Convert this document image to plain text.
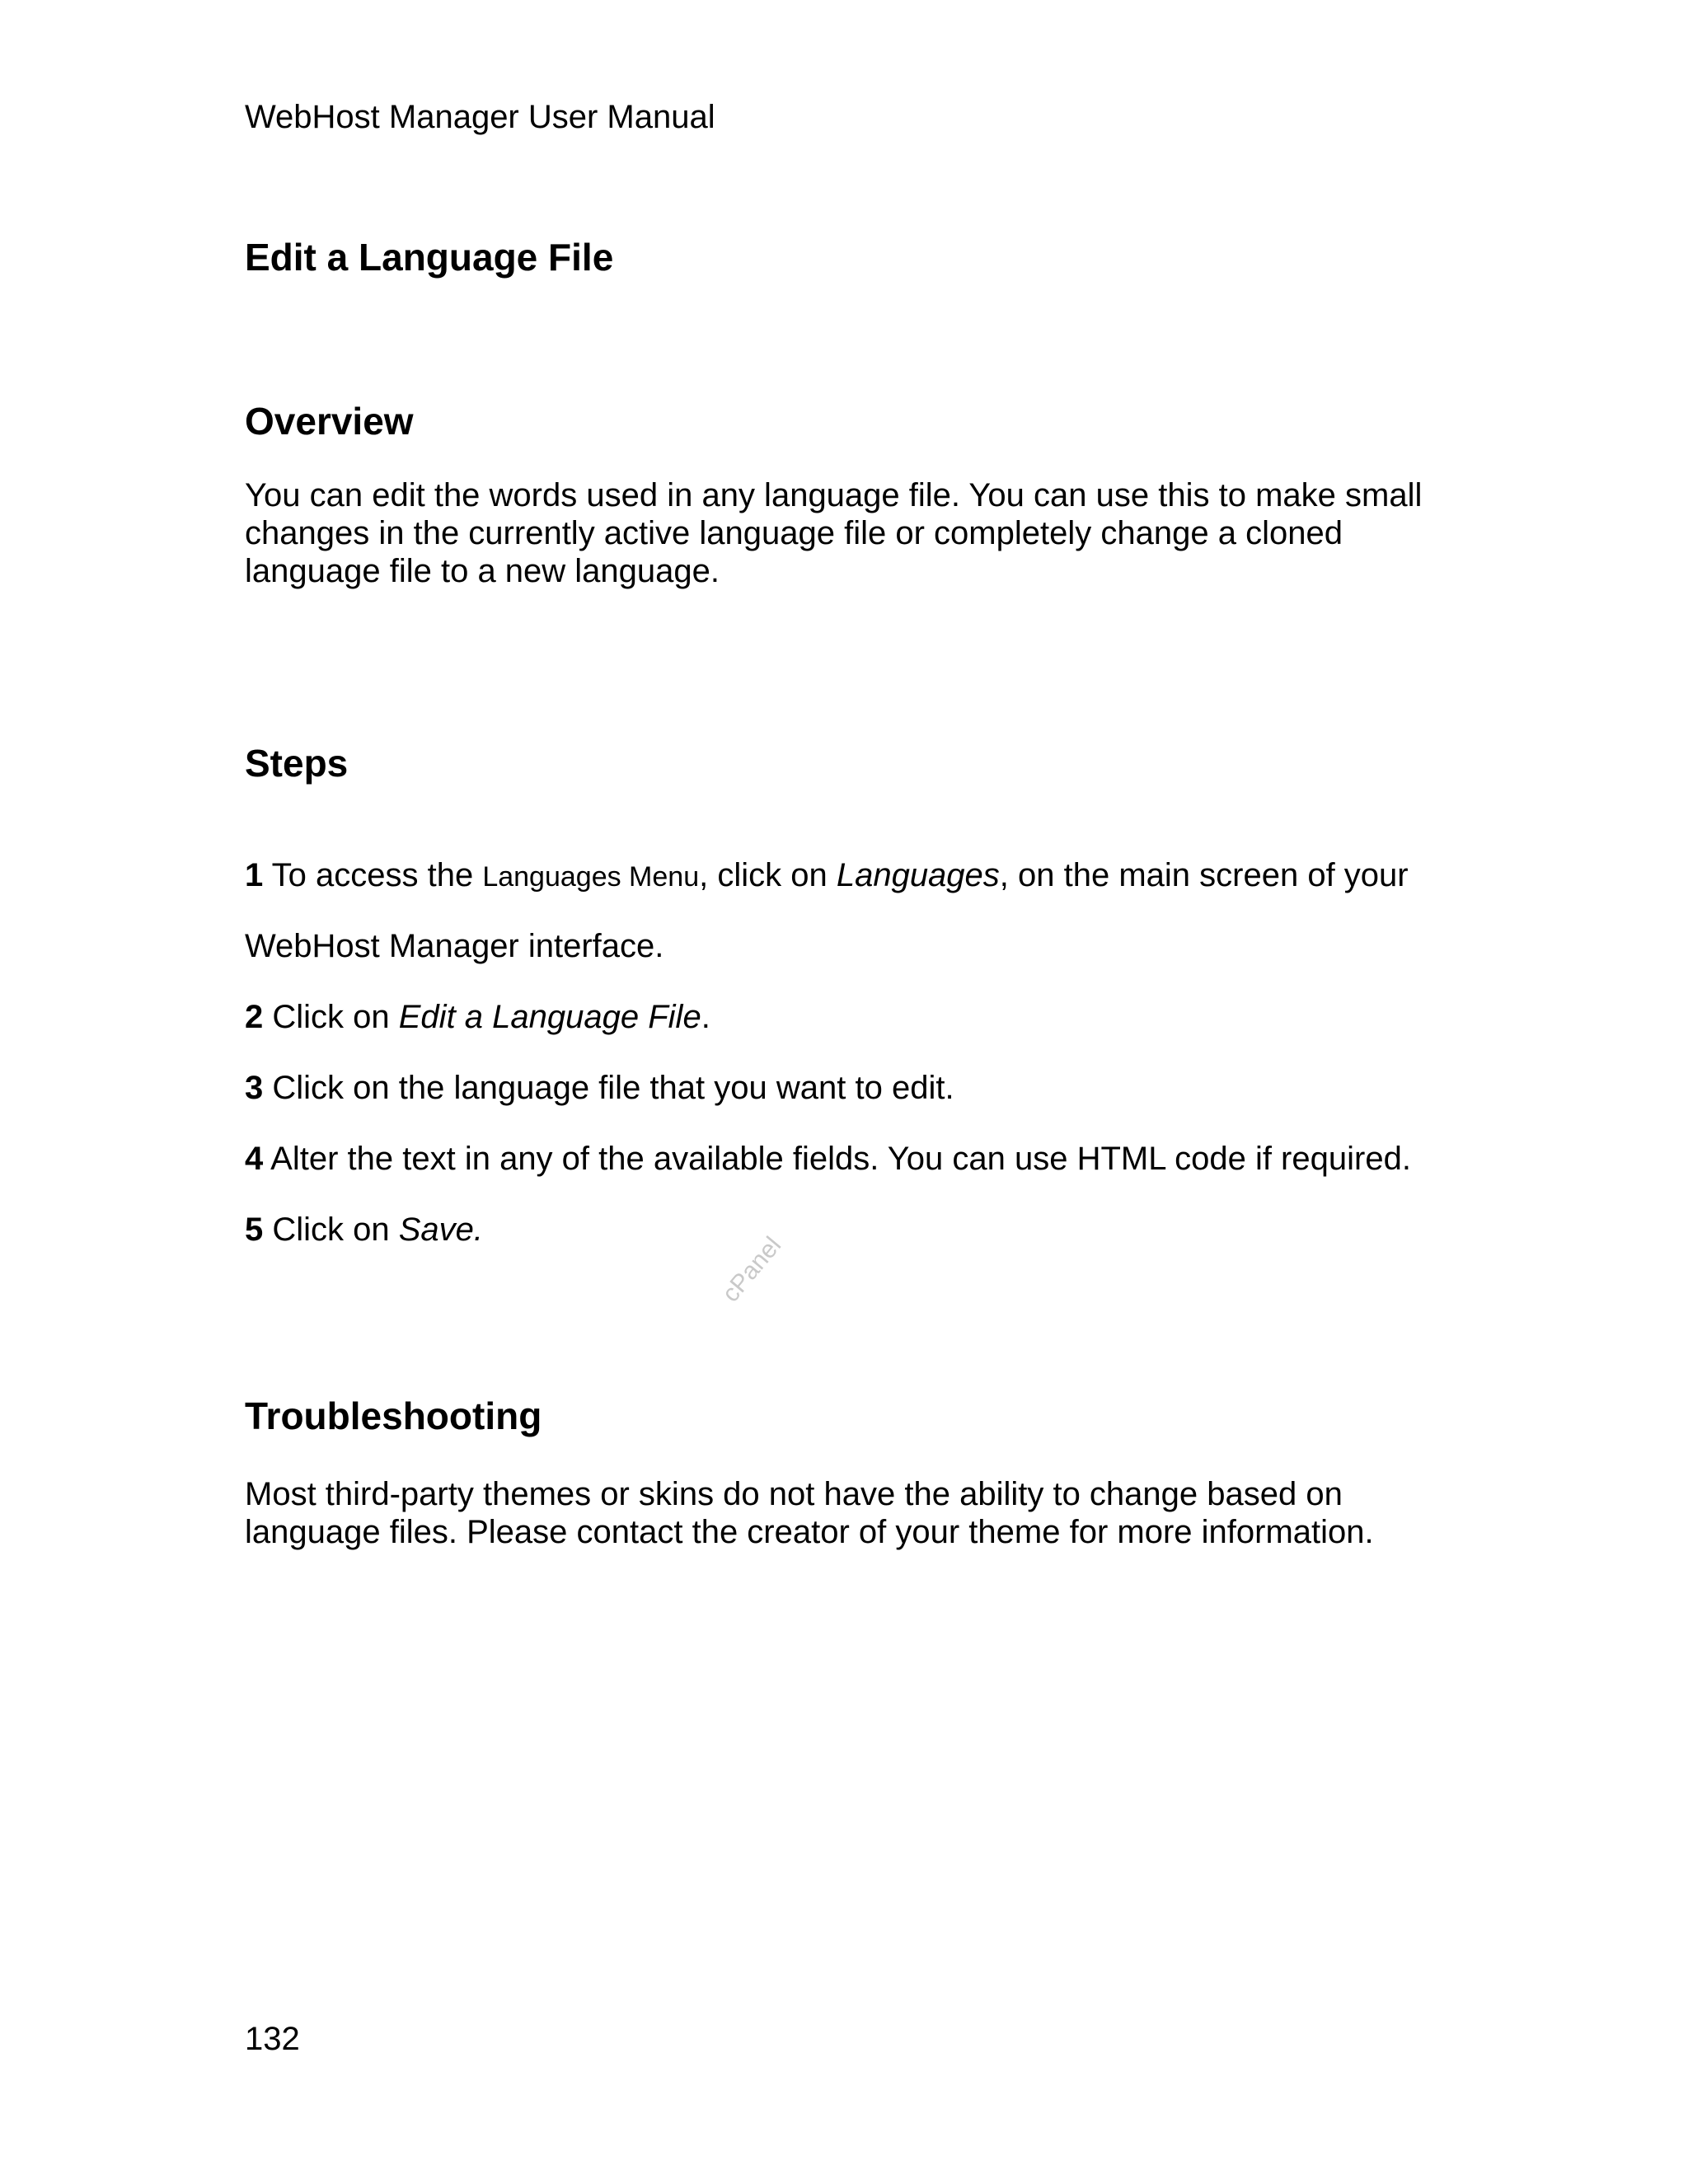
WebHost Manager User Manual
Edit a Language File
Overview
You can edit the words used in any language file. You can use this to make small
changes in the currently active language file or completely change a cloned
language file to a new language.
Steps
1 To access the Languages Menu, click on Languages, on the main screen of your
WebHost Manager interface.
2 Click on Edit a Language File.
3 Click on the language file that you want to edit.
4 Alter the text in any of the available fields. You can use HTML code if required.
5 Click on Save.
cPanel
Troubleshooting
Most third-party themes or skins do not have the ability to change based on
language files. Please contact the creator of your theme for more information.
132
